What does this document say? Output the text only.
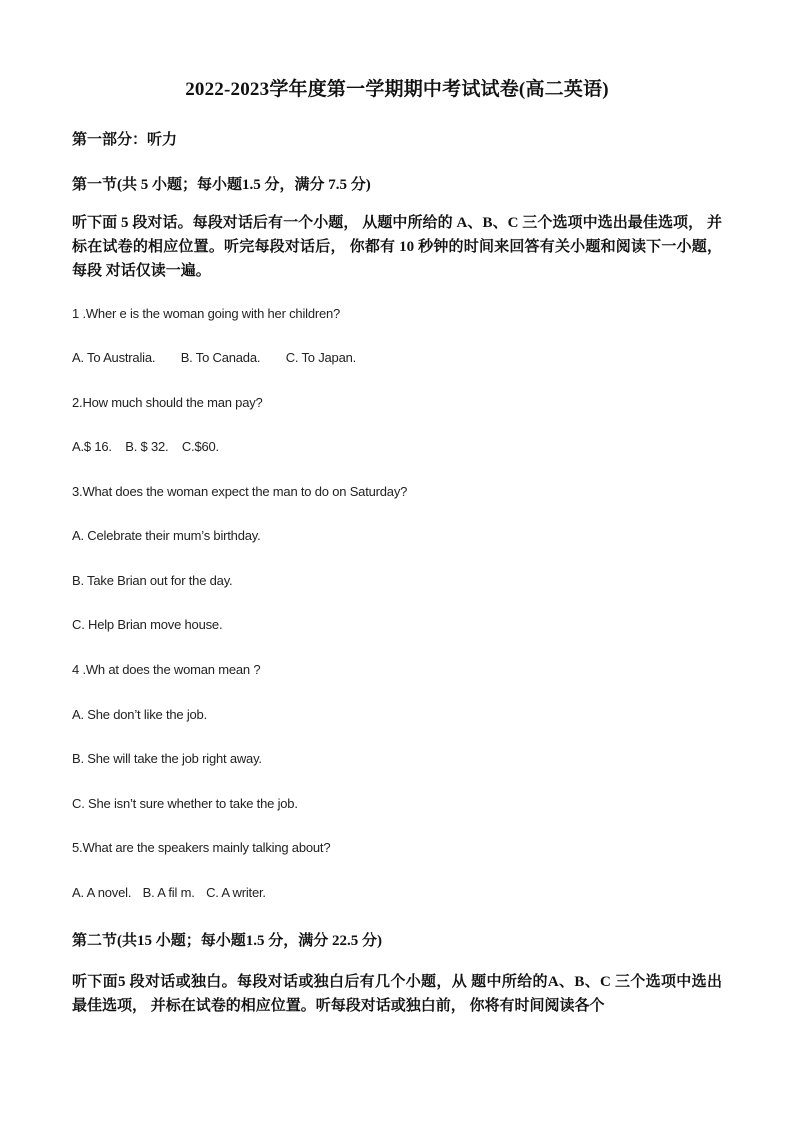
2022-2023学年度第一学期期中考试试卷(高二英语)
第一部分：听力
第一节(共 5 小题；每小题1.5 分，满分 7.5 分)
听下面 5 段对话。每段对话后有一个小题， 从题中所给的 A、B、C 三个选项中选出最佳选项， 并标在试卷的相应位置。听完每段对话后， 你都有 10 秒钟的时间来回答有关小题和阅读下一小题，每段 对话仅读一遍。
1 .Wher e is the woman going with her children?
A. To Australia. B. To Canada. C. To Japan.
2.How much should the man pay?
A.$ 16. B. $ 32. C.$60.
3.What does the woman expect the man to do on Saturday?
A. Celebrate their mum’s birthday.
B. Take Brian out for the day.
C. Help Brian move house.
4 .Wh at does the woman mean ?
A. She don’t like the job.
B. She will take the job right away.
C. She isn’t sure whether to take the job.
5.What are the speakers mainly talking about?
A. A novel. B. A fil m. C. A writer.
第二节(共15 小题；每小题1.5 分，满分 22.5 分)
听下面5 段对话或独白。每段对话或独白后有几个小题，从 题中所给的A、B、C 三个选项中选出最佳选项， 并标在试卷的相应位置。听每段对话或独白前， 你将有时间阅读各个
